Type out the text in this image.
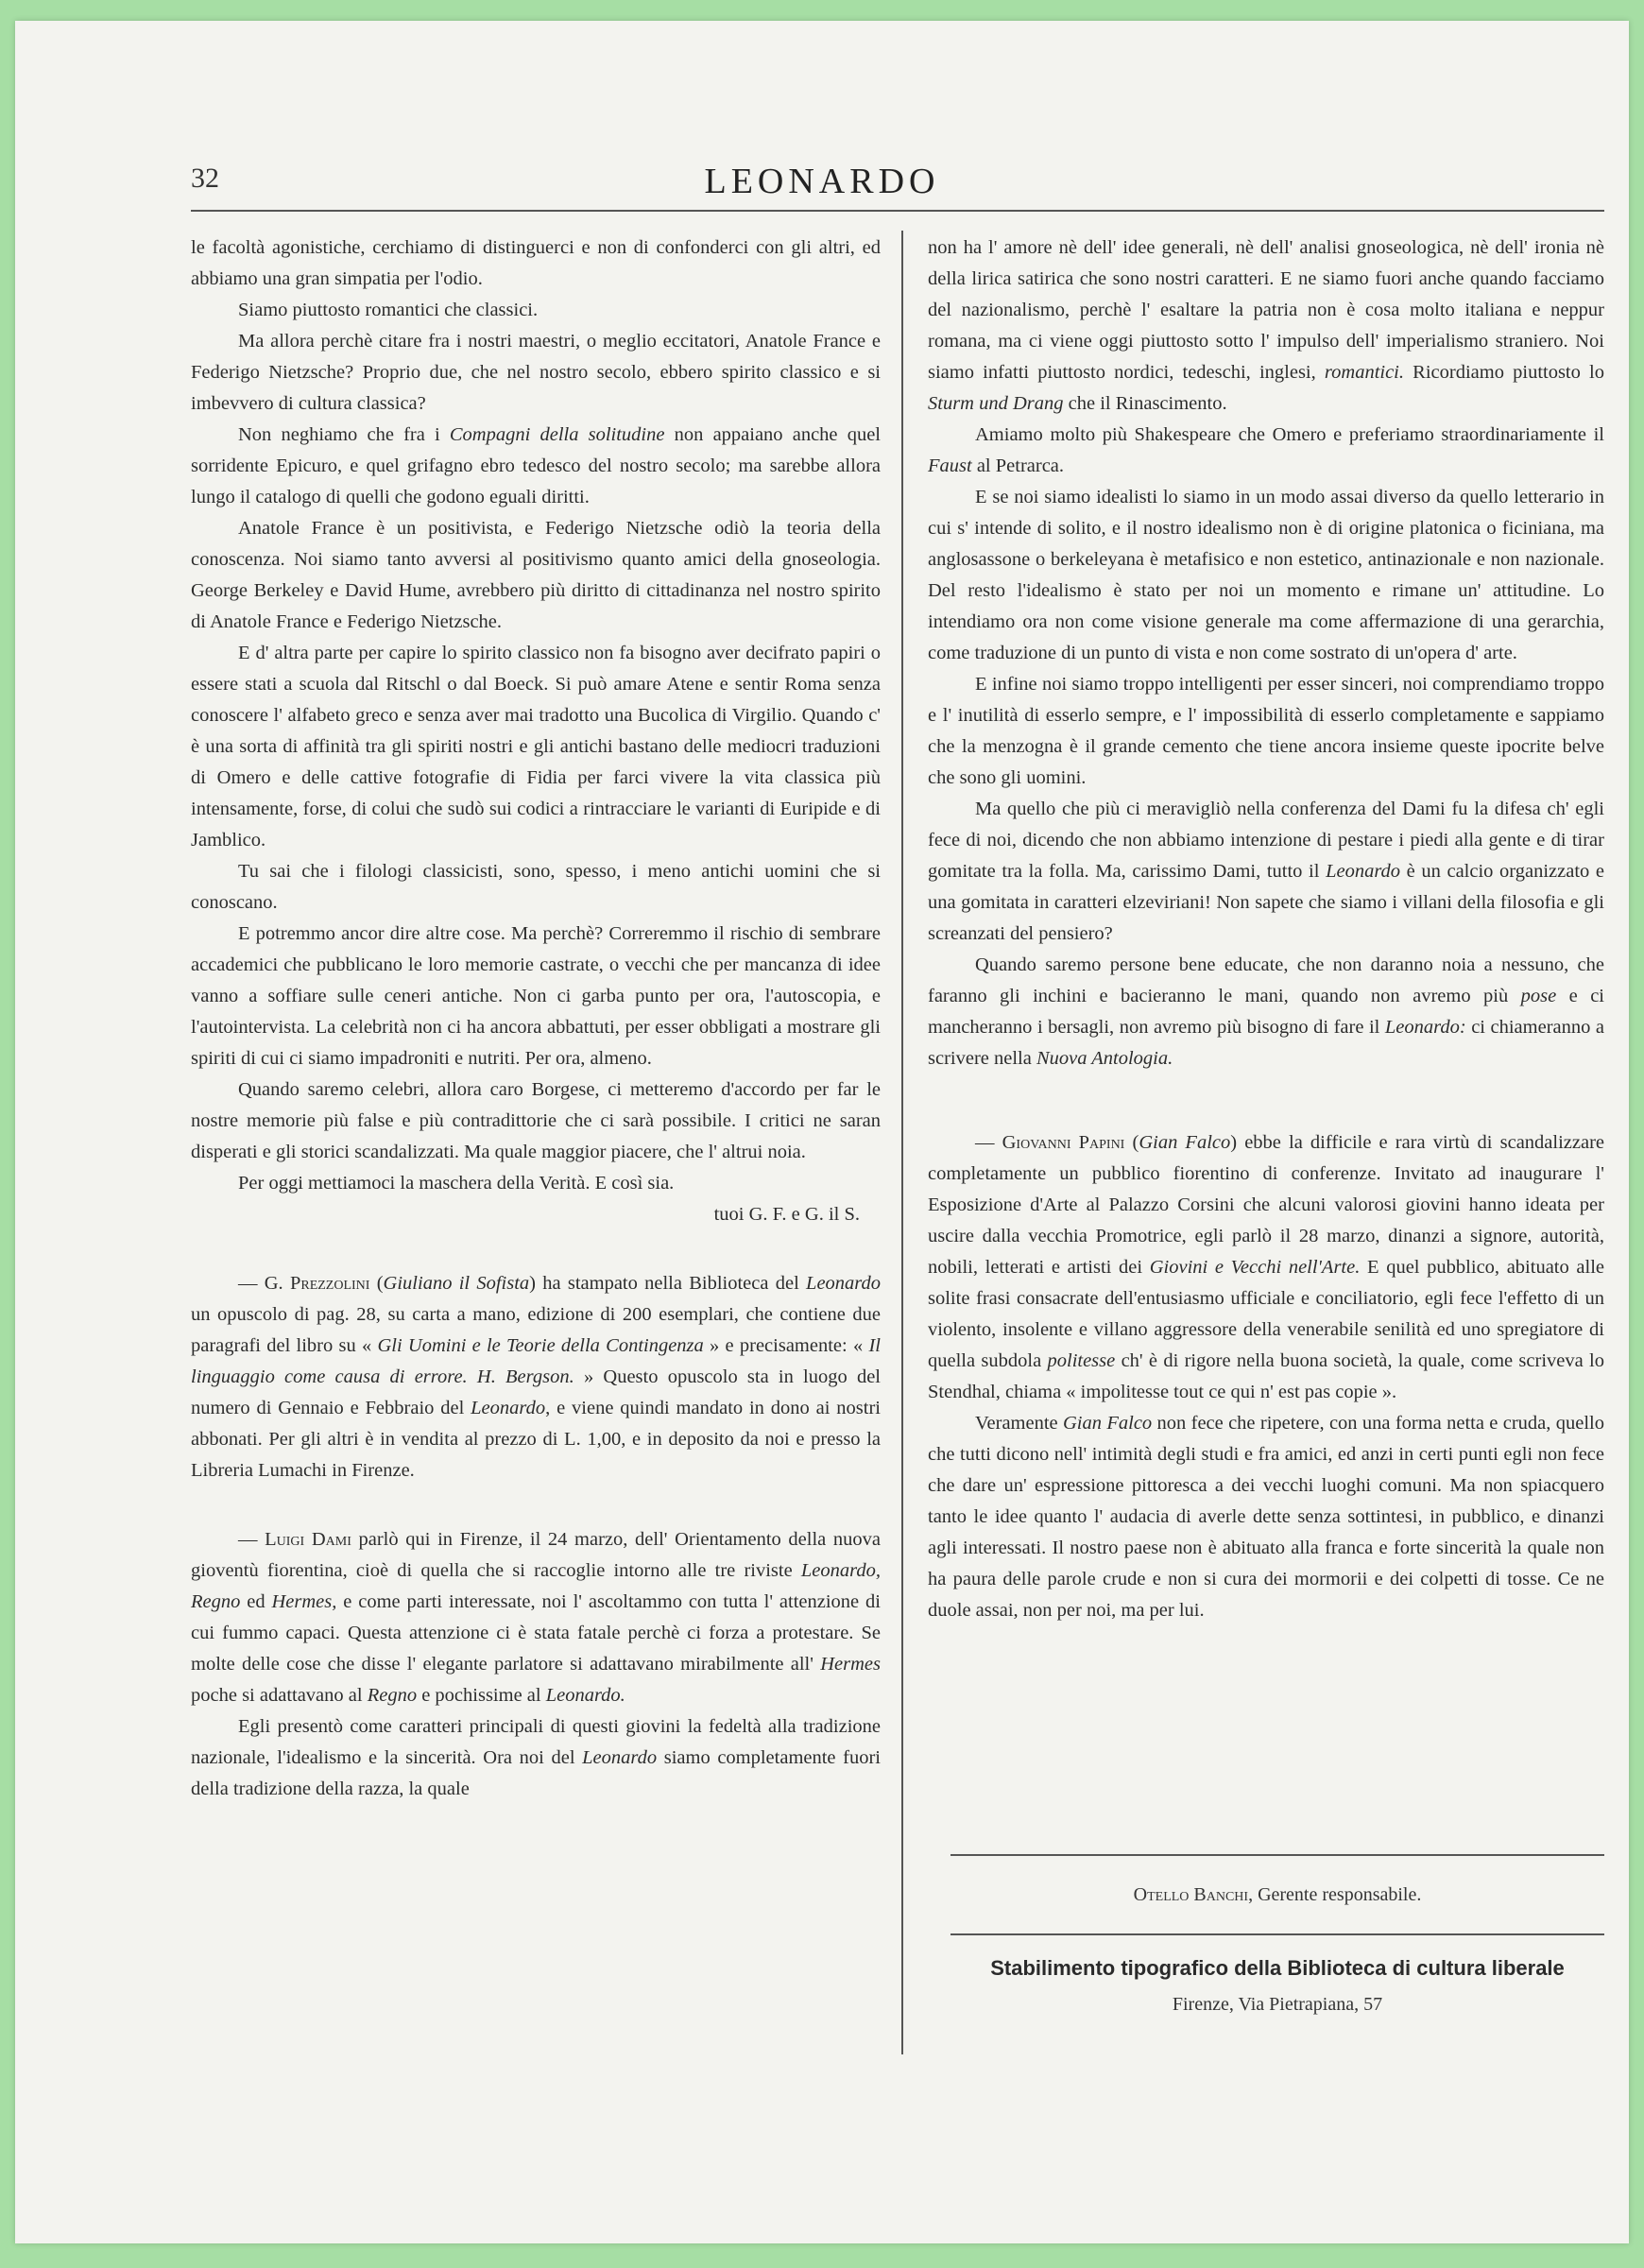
32	LEONARDO

le facoltà agonistiche, cerchiamo di distinguerci e non di confonderci con gli altri, ed abbiamo una gran simpatia per l'odio.

Siamo piuttosto romantici che classici.

Ma allora perchè citare fra i nostri maestri, o meglio eccitatori, Anatole France e Federigo Nietzsche? Proprio due, che nel nostro secolo, ebbero spirito classico e si imbevvero di cultura classica?

Non neghiamo che fra i Compagni della solitudine non appaiano anche quel sorridente Epicuro, e quel grifagno ebro tedesco del nostro secolo; ma sarebbe allora lungo il catalogo di quelli che godono eguali diritti.

Anatole France è un positivista, e Federigo Nietzsche odiò la teoria della conoscenza. Noi siamo tanto avversi al positivismo quanto amici della gnoseologia. George Berkeley e David Hume, avrebbero più diritto di cittadinanza nel nostro spirito di Anatole France e Federigo Nietzsche.

E d' altra parte per capire lo spirito classico non fa bisogno aver decifrato papiri o essere stati a scuola dal Ritschl o dal Boeck. Si può amare Atene e sentir Roma senza conoscere l' alfabeto greco e senza aver mai tradotto una Bucolica di Virgilio. Quando c' è una sorta di affinità tra gli spiriti nostri e gli antichi bastano delle mediocri traduzioni di Omero e delle cattive fotografie di Fidia per farci vivere la vita classica più intensamente, forse, di colui che sudò sui codici a rintracciare le varianti di Euripide e di Jamblico.

Tu sai che i filologi classicisti, sono, spesso, i meno antichi uomini che si conoscano.

E potremmo ancor dire altre cose. Ma perchè? Correremmo il rischio di sembrare accademici che pubblicano le loro memorie castrate, o vecchi che per mancanza di idee vanno a soffiare sulle ceneri antiche. Non ci garba punto per ora, l'autoscopia, e l'autointervista. La celebrità non ci ha ancora abbattuti, per esser obbligati a mostrare gli spiriti di cui ci siamo impadroniti e nutriti. Per ora, almeno.

Quando saremo celebri, allora caro Borgese, ci metteremo d'accordo per far le nostre memorie più false e più contradittorie che ci sarà possibile. I critici ne saran disperati e gli storici scandalizzati. Ma quale maggior piacere, che l' altrui noia.

Per oggi mettiamoci la maschera della Verità. E così sia.

tuoi G. F. e G. il S.

— G. Prezzolini (Giuliano il Sofista) ha stampato nella Biblioteca del Leonardo un opuscolo di pag. 28, su carta a mano, edizione di 200 esemplari, che contiene due paragrafi del libro su « Gli Uomini e le Teorie della Contingenza » e precisamente: « Il linguaggio come causa di errore. H. Bergson. » Questo opuscolo sta in luogo del numero di Gennaio e Febbraio del Leonardo, e viene quindi mandato in dono ai nostri abbonati. Per gli altri è in vendita al prezzo di L. 1,00, e in deposito da noi e presso la Libreria Lumachi in Firenze.

— Luigi Dami parlò qui in Firenze, il 24 marzo, dell' Orientamento della nuova gioventù fiorentina, cioè di quella che si raccoglie intorno alle tre riviste Leonardo, Regno ed Hermes, e come parti interessate, noi l' ascoltammo con tutta l' attenzione di cui fummo capaci. Questa attenzione ci è stata fatale perchè ci forza a protestare. Se molte delle cose che disse l' elegante parlatore si adattavano mirabilmente all' Hermes poche si adattavano al Regno e pochissime al Leonardo.

Egli presentò come caratteri principali di questi giovini la fedeltà alla tradizione nazionale, l'idealismo e la sincerità. Ora noi del Leonardo siamo completamente fuori della tradizione della razza, la quale

non ha l' amore nè dell' idee generali, nè dell' analisi gnoseologica, nè dell' ironia nè della lirica satirica che sono nostri caratteri. E ne siamo fuori anche quando facciamo del nazionalismo, perchè l' esaltare la patria non è cosa molto italiana e neppur romana, ma ci viene oggi piuttosto sotto l' impulso dell' imperialismo straniero. Noi siamo infatti piuttosto nordici, tedeschi, inglesi, romantici. Ricordiamo piuttosto lo Sturm und Drang che il Rinascimento.

Amiamo molto più Shakespeare che Omero e preferiamo straordinariamente il Faust al Petrarca.

E se noi siamo idealisti lo siamo in un modo assai diverso da quello letterario in cui s' intende di solito, e il nostro idealismo non è di origine platonica o ficiniana, ma anglosassone o berkeleyana è metafisico e non estetico, antinazionale e non nazionale. Del resto l'idealismo è stato per noi un momento e rimane un' attitudine. Lo intendiamo ora non come visione generale ma come affermazione di una gerarchia, come traduzione di un punto di vista e non come sostrato di un'opera d' arte.

E infine noi siamo troppo intelligenti per esser sinceri, noi comprendiamo troppo e l' inutilità di esserlo sempre, e l' impossibilità di esserlo completamente e sappiamo che la menzogna è il grande cemento che tiene ancora insieme queste ipocrite belve che sono gli uomini.

Ma quello che più ci meravigliò nella conferenza del Dami fu la difesa ch' egli fece di noi, dicendo che non abbiamo intenzione di pestare i piedi alla gente e di tirar gomitate tra la folla. Ma, carissimo Dami, tutto il Leonardo è un calcio organizzato e una gomitata in caratteri elzeviriani! Non sapete che siamo i villani della filosofia e gli screanzati del pensiero?

Quando saremo persone bene educate, che non daranno noia a nessuno, che faranno gli inchini e bacieranno le mani, quando non avremo più pose e ci mancheranno i bersagli, non avremo più bisogno di fare il Leonardo: ci chiameranno a scrivere nella Nuova Antologia.

— Giovanni Papini (Gian Falco) ebbe la difficile e rara virtù di scandalizzare completamente un pubblico fiorentino di conferenze. Invitato ad inaugurare l' Esposizione d'Arte al Palazzo Corsini che alcuni valorosi giovini hanno ideata per uscire dalla vecchia Promotrice, egli parlò il 28 marzo, dinanzi a signore, autorità, nobili, letterati e artisti dei Giovini e Vecchi nell'Arte. E quel pubblico, abituato alle solite frasi consacrate dell'entusiasmo ufficiale e conciliatorio, egli fece l'effetto di un violento, insolente e villano aggressore della venerabile senilità ed uno spregiatore di quella subdola politesse ch' è di rigore nella buona società, la quale, come scriveva lo Stendhal, chiama « impolitesse tout ce qui n' est pas copie ».

Veramente Gian Falco non fece che ripetere, con una forma netta e cruda, quello che tutti dicono nell' intimità degli studi e fra amici, ed anzi in certi punti egli non fece che dare un' espressione pittoresca a dei vecchi luoghi comuni. Ma non spiacquero tanto le idee quanto l' audacia di averle dette senza sottintesi, in pubblico, e dinanzi agli interessati. Il nostro paese non è abituato alla franca e forte sincerità la quale non ha paura delle parole crude e non si cura dei mormorii e dei colpetti di tosse. Ce ne duole assai, non per noi, ma per lui.

Otello Banchi, Gerente responsabile.
Stabilimento tipografico della Biblioteca di cultura liberale
Firenze, Via Pietrapiana, 57
